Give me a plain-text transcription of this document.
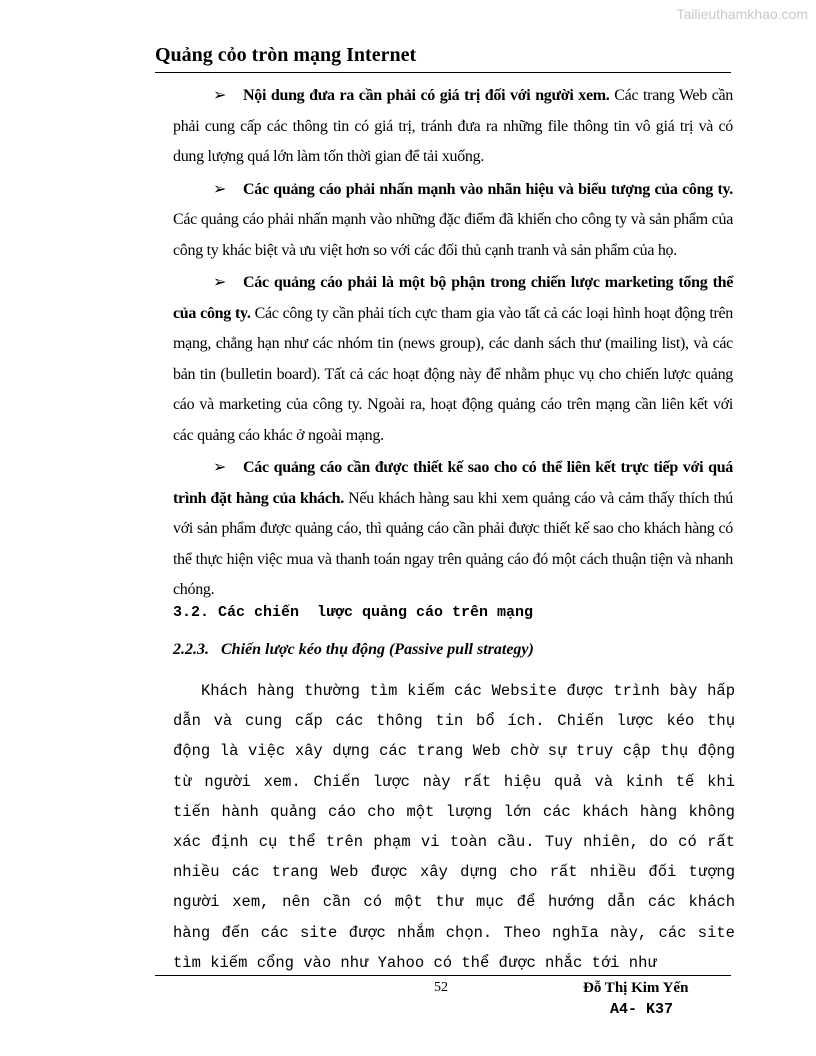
Tailieuthamkhao.com
Quảng cỏo tròn mạng Internet

➢ Nội dung đưa ra cần phải có giá trị đối với người xem. Các trang Web cần phải cung cấp các thông tin có giá trị, tránh đưa ra những file thông tin vô giá trị và có dung lượng quá lớn làm tốn thời gian để tải xuống.

➢ Các quảng cáo phải nhấn mạnh vào nhãn hiệu và biểu tượng của công ty. Các quảng cáo phải nhấn mạnh vào những đặc điểm đã khiến cho công ty và sản phẩm của công ty khác biệt và ưu việt hơn so với các đối thủ cạnh tranh và sản phẩm của họ.

➢ Các quảng cáo phải là một bộ phận trong chiến lược marketing tổng thể của công ty. Các công ty cần phải tích cực tham gia vào tất cả các loại hình hoạt động trên mạng, chẳng hạn như các nhóm tin (news group), các danh sách thư (mailing list), và các bản tin (bulletin board). Tất cả các hoạt động này để nhằm phục vụ cho chiến lược quảng cáo và marketing của công ty. Ngoài ra, hoạt động quảng cáo trên mạng cần liên kết với các quảng cáo khác ở ngoài mạng.

➢ Các quảng cáo cần được thiết kế sao cho có thể liên kết trực tiếp với quá trình đặt hàng của khách. Nếu khách hàng sau khi xem quảng cáo và cảm thấy thích thú với sản phẩm được quảng cáo, thì quảng cáo cần phải được thiết kế sao cho khách hàng có thể thực hiện việc mua và thanh toán ngay trên quảng cáo đó một cách thuận tiện và nhanh chóng.

3.2. Các chiến  lược quảng cáo trên mạng
2.2.3.   Chiến lược kéo thụ động (Passive pull strategy)

Khách hàng thường tìm kiếm các Website được trình bày hấp dẫn và cung cấp các thông tin bổ ích. Chiến lược kéo thụ động là việc xây dựng các trang Web chờ sự truy cập thụ động từ người xem. Chiến lược này rất hiệu quả và kinh tế khi tiến hành quảng cáo cho một lượng lớn các khách hàng không xác định cụ thể trên phạm vi toàn cầu. Tuy nhiên, do có rất nhiều các trang Web được xây dựng cho rất nhiều đối tượng người xem, nên cần có một thư mục để hướng dẫn các khách hàng đến các site được nhắm chọn. Theo nghĩa này, các site tìm kiếm cổng vào như Yahoo có thể được nhắc tới như

52	Đỗ Thị Kim Yến
A4- K37
